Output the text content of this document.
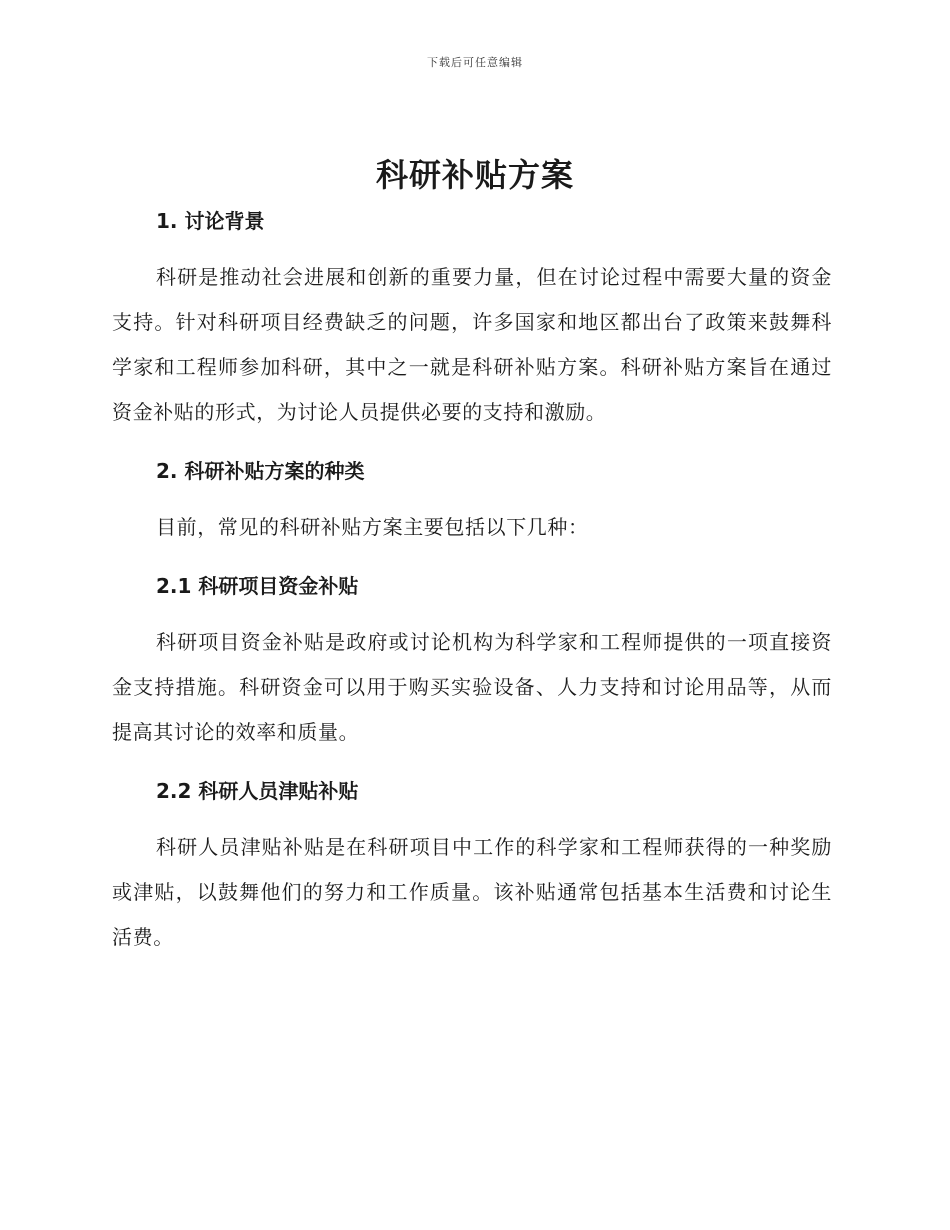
下载后可任意编辑
科研补贴方案
1. 讨论背景

科研是推动社会进展和创新的重要力量，但在讨论过程中需要大量的资金支持。针对科研项目经费缺乏的问题，许多国家和地区都出台了政策来鼓舞科学家和工程师参加科研，其中之一就是科研补贴方案。科研补贴方案旨在通过资金补贴的形式，为讨论人员提供必要的支持和激励。

2. 科研补贴方案的种类

目前，常见的科研补贴方案主要包括以下几种：

2.1 科研项目资金补贴

科研项目资金补贴是政府或讨论机构为科学家和工程师提供的一项直接资金支持措施。科研资金可以用于购买实验设备、人力支持和讨论用品等，从而提高其讨论的效率和质量。

2.2 科研人员津贴补贴

科研人员津贴补贴是在科研项目中工作的科学家和工程师获得的一种奖励或津贴，以鼓舞他们的努力和工作质量。该补贴通常包括基本生活费和讨论生活费。
